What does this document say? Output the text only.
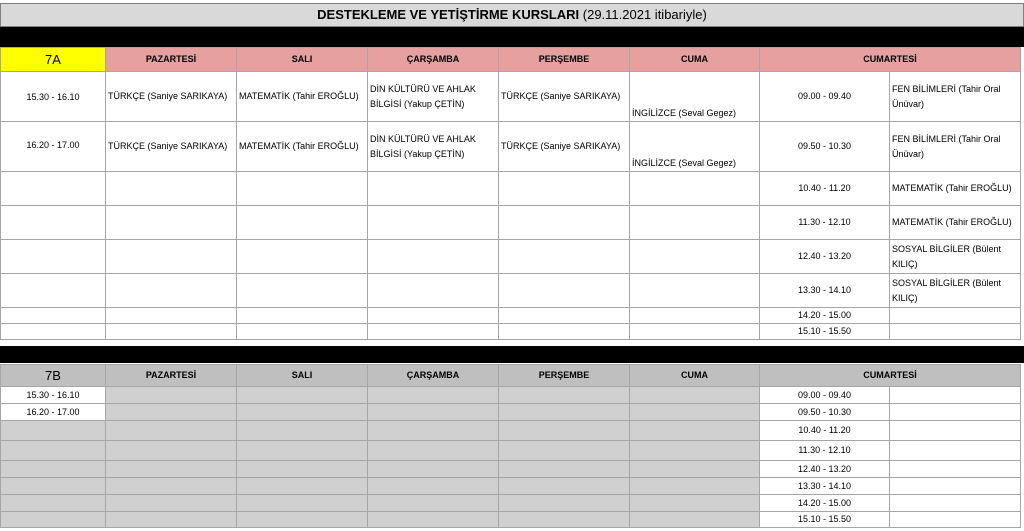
DESTEKLEME VE YETİŞTİRME KURSLARI (29.11.2021 itibariyle)
7A	PAZARTESİ	SALI	ÇARŞAMBA	PERŞEMBE	CUMA	CUMARTESİ	
15.30 - 16.10	TÜRKÇE (Saniye SARIKAYA)	MATEMATİK (Tahir EROĞLU)	DİN KÜLTÜRÜ VE AHLAK BİLGİSİ (Yakup ÇETİN)	TÜRKÇE (Saniye SARIKAYA)	İNGİLİZCE (Seval Gegez)	09.00 - 09.40	FEN BİLİMLERİ (Tahir Oral Ünüvar)
16.20 - 17.00	TÜRKÇE (Saniye SARIKAYA)	MATEMATİK (Tahir EROĞLU)	DİN KÜLTÜRÜ VE AHLAK BİLGİSİ (Yakup ÇETİN)	TÜRKÇE (Saniye SARIKAYA)	İNGİLİZCE (Seval Gegez)	09.50 - 10.30	FEN BİLİMLERİ (Tahir Oral Ünüvar)
						10.40 - 11.20	MATEMATİK (Tahir EROĞLU)
						11.30 - 12.10	MATEMATİK (Tahir EROĞLU)
						12.40 - 13.20	SOSYAL BİLGİLER (Bülent KILIÇ)
						13.30 - 14.10	SOSYAL BİLGİLER (Bülent KILIÇ)
						14.20 - 15.00	
						15.10 - 15.50	
7B	PAZARTESİ	SALI	ÇARŞAMBA	PERŞEMBE	CUMA	CUMARTESİ	
15.30 - 16.10						09.00 - 09.40	
16.20 - 17.00						09.50 - 10.30	
						10.40 - 11.20	
						11.30 - 12.10	
						12.40 - 13.20	
						13.30 - 14.10	
						14.20 - 15.00	
						15.10 - 15.50	
